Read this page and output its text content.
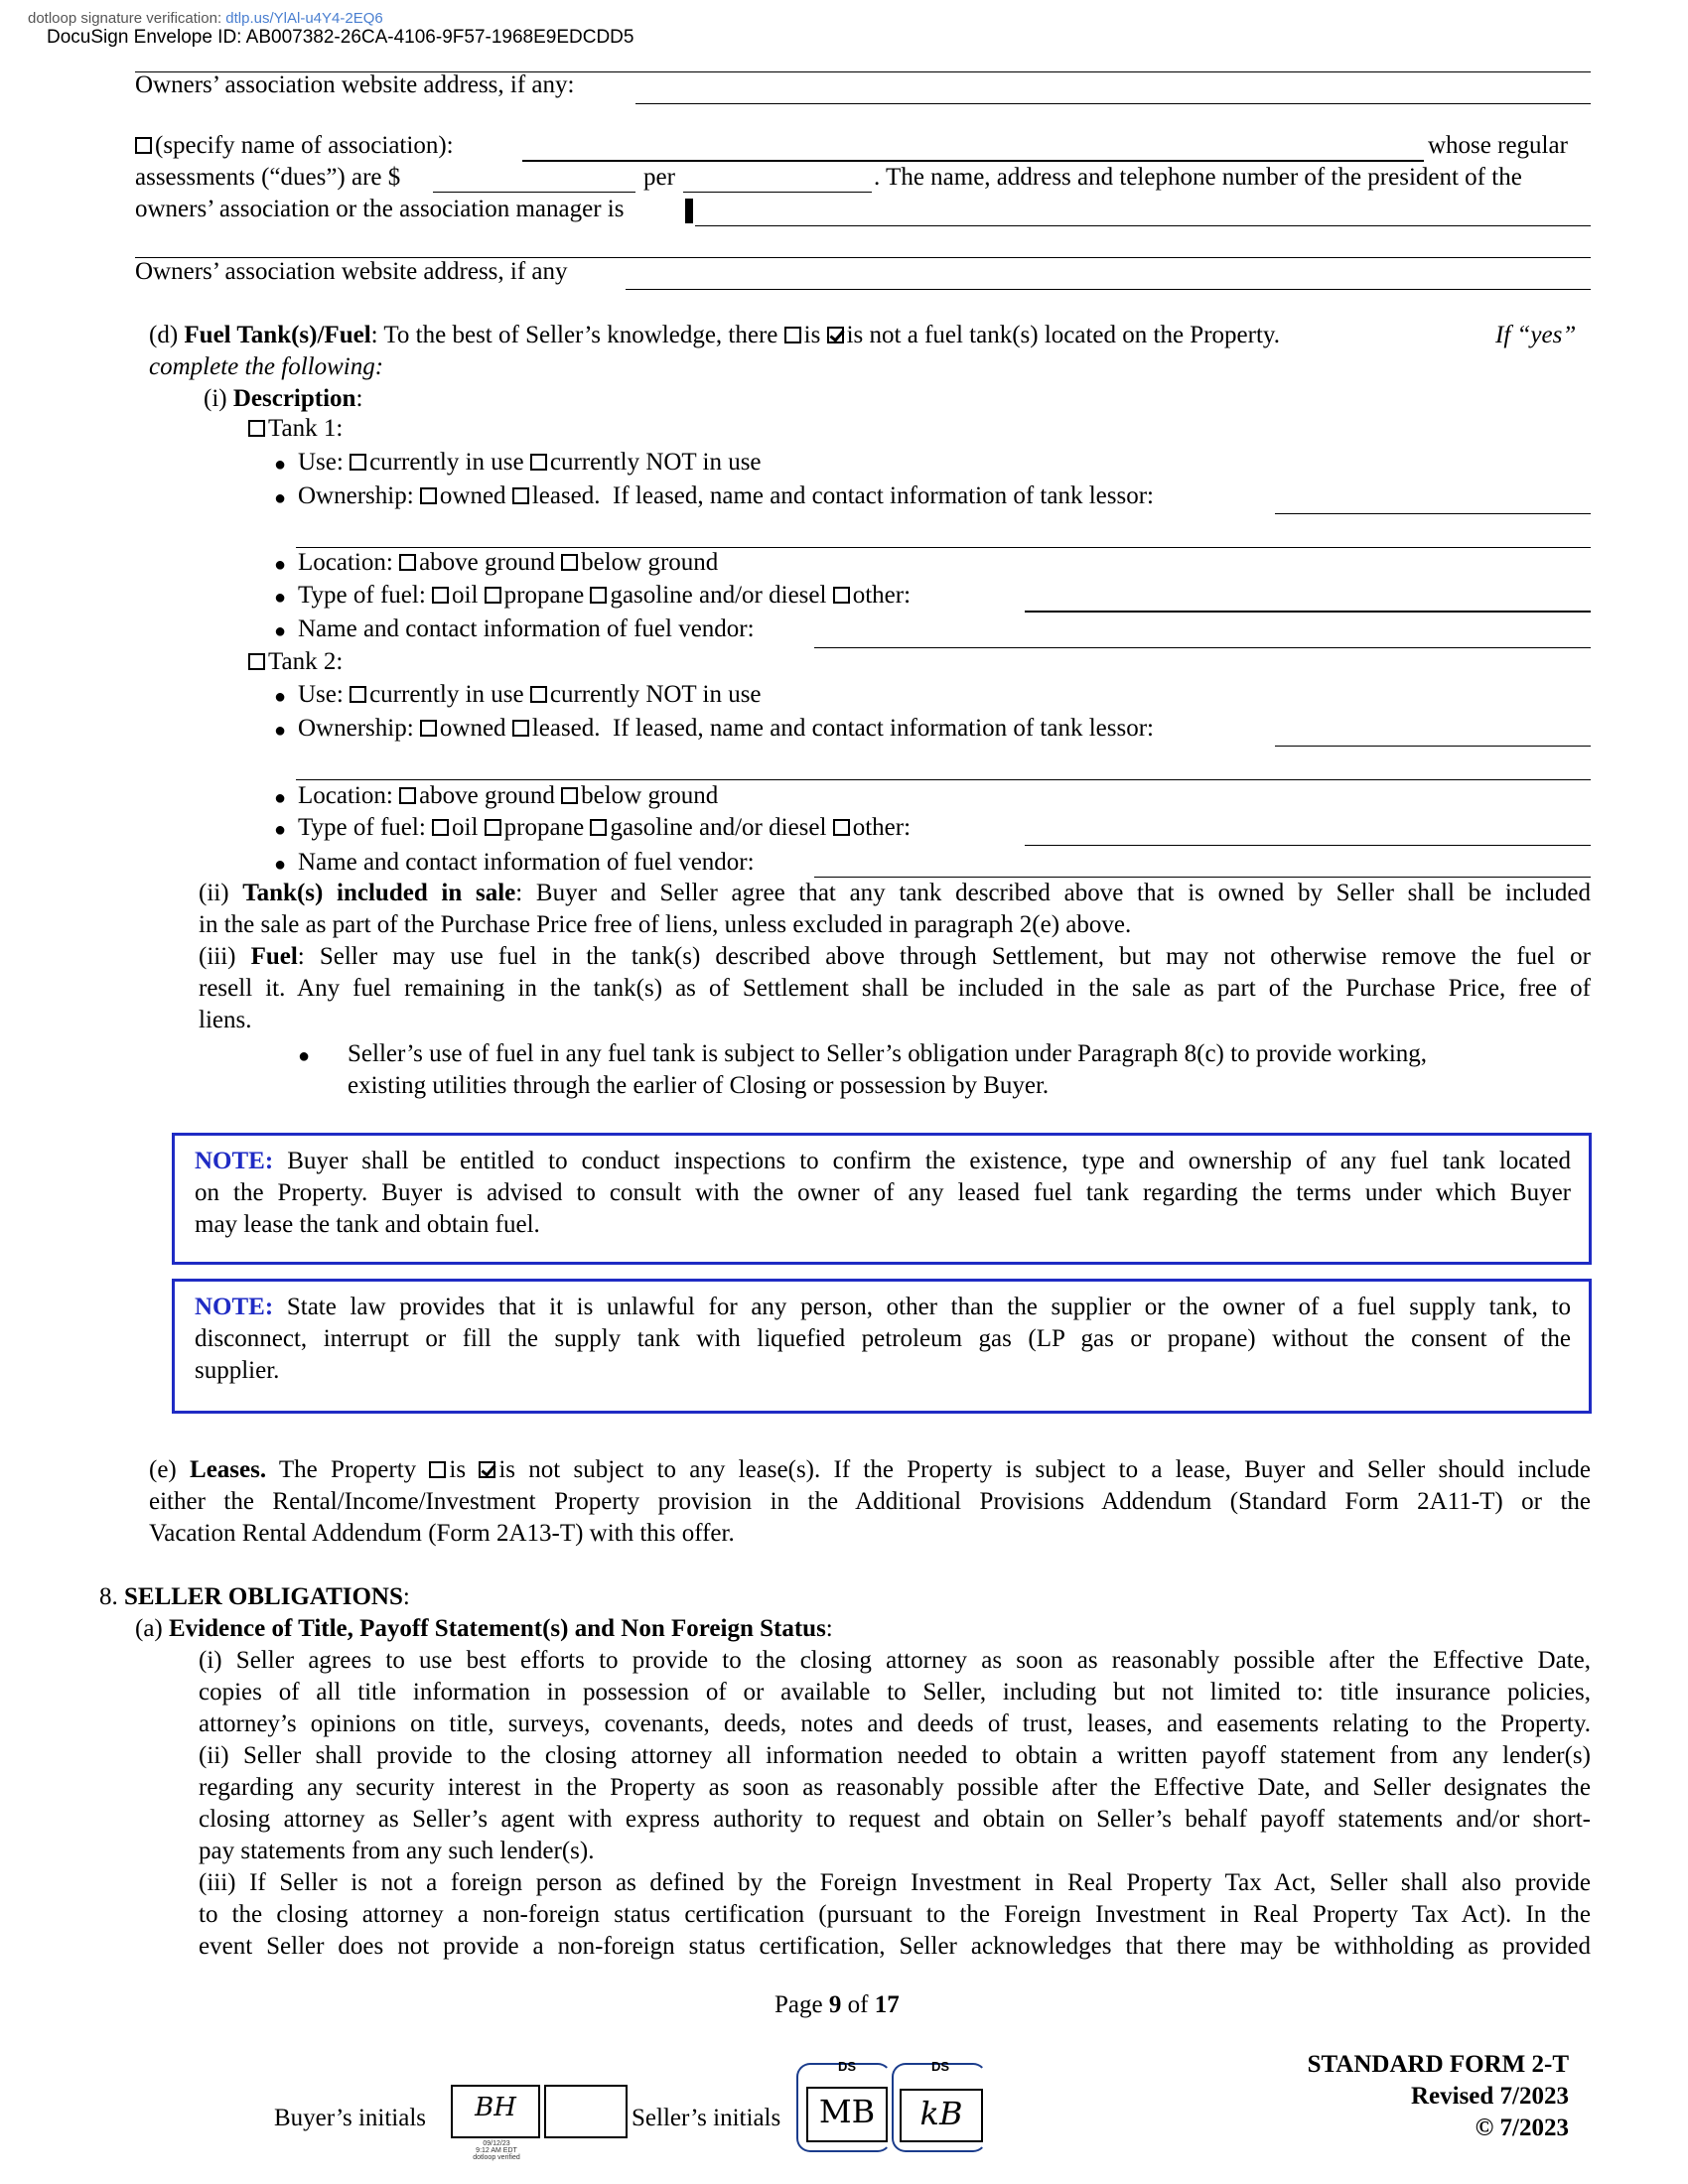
dotloop signature verification: dtlp.us/YlAl-u4Y4-2EQ6
DocuSign Envelope ID: AB007382-26CA-4106-9F57-1968E9EDCDD5
Owners’ association website address, if any:
(specify name of association):	whose regular
assessments (“dues”) are $	per	. The name, address and telephone number of the president of the
owners’ association or the association manager is
Owners’ association website address, if any
(d) Fuel Tank(s)/Fuel: To the best of Seller’s knowledge, there is is not a fuel tank(s) located on the Property.	If “yes”
complete the following:
(i) Description:
Tank 1:
● Use: currently in use currently NOT in use
● Ownership: owned leased. If leased, name and contact information of tank lessor:
● Location: above ground below ground
● Type of fuel: oil propane gasoline and/or diesel other:
● Name and contact information of fuel vendor:
Tank 2:
● Use: currently in use currently NOT in use
● Ownership: owned leased. If leased, name and contact information of tank lessor:
● Location: above ground below ground
● Type of fuel: oil propane gasoline and/or diesel other:
● Name and contact information of fuel vendor:
(ii) Tank(s) included in sale: Buyer and Seller agree that any tank described above that is owned by Seller shall be included
in the sale as part of the Purchase Price free of liens, unless excluded in paragraph 2(e) above.
(iii) Fuel: Seller may use fuel in the tank(s) described above through Settlement, but may not otherwise remove the fuel or
resell it. Any fuel remaining in the tank(s) as of Settlement shall be included in the sale as part of the Purchase Price, free of
liens.
● Seller’s use of fuel in any fuel tank is subject to Seller’s obligation under Paragraph 8(c) to provide working,
existing utilities through the earlier of Closing or possession by Buyer.
NOTE: Buyer shall be entitled to conduct inspections to confirm the existence, type and ownership of any fuel tank located
on the Property. Buyer is advised to consult with the owner of any leased fuel tank regarding the terms under which Buyer
may lease the tank and obtain fuel.
NOTE: State law provides that it is unlawful for any person, other than the supplier or the owner of a fuel supply tank, to
disconnect, interrupt or fill the supply tank with liquefied petroleum gas (LP gas or propane) without the consent of the
supplier.
(e) Leases. The Property is is not subject to any lease(s). If the Property is subject to a lease, Buyer and Seller should include
either the Rental/Income/Investment Property provision in the Additional Provisions Addendum (Standard Form 2A11-T) or the
Vacation Rental Addendum (Form 2A13-T) with this offer.
8. SELLER OBLIGATIONS:
(a) Evidence of Title, Payoff Statement(s) and Non Foreign Status:
(i) Seller agrees to use best efforts to provide to the closing attorney as soon as reasonably possible after the Effective Date,
copies of all title information in possession of or available to Seller, including but not limited to: title insurance policies,
attorney’s opinions on title, surveys, covenants, deeds, notes and deeds of trust, leases, and easements relating to the Property.
(ii) Seller shall provide to the closing attorney all information needed to obtain a written payoff statement from any lender(s)
regarding any security interest in the Property as soon as reasonably possible after the Effective Date, and Seller designates the
closing attorney as Seller’s agent with express authority to request and obtain on Seller’s behalf payoff statements and/or short-
pay statements from any such lender(s).
(iii) If Seller is not a foreign person as defined by the Foreign Investment in Real Property Tax Act, Seller shall also provide
to the closing attorney a non-foreign status certification (pursuant to the Foreign Investment in Real Property Tax Act). In the
event Seller does not provide a non-foreign status certification, Seller acknowledges that there may be withholding as provided
Page 9 of 17
Buyer’s initials	BH
09/12/23
9:12 AM EDT
dotloop verified
Seller’s initials
DS
MB
DS
kB
STANDARD FORM 2-T
Revised 7/2023
© 7/2023
